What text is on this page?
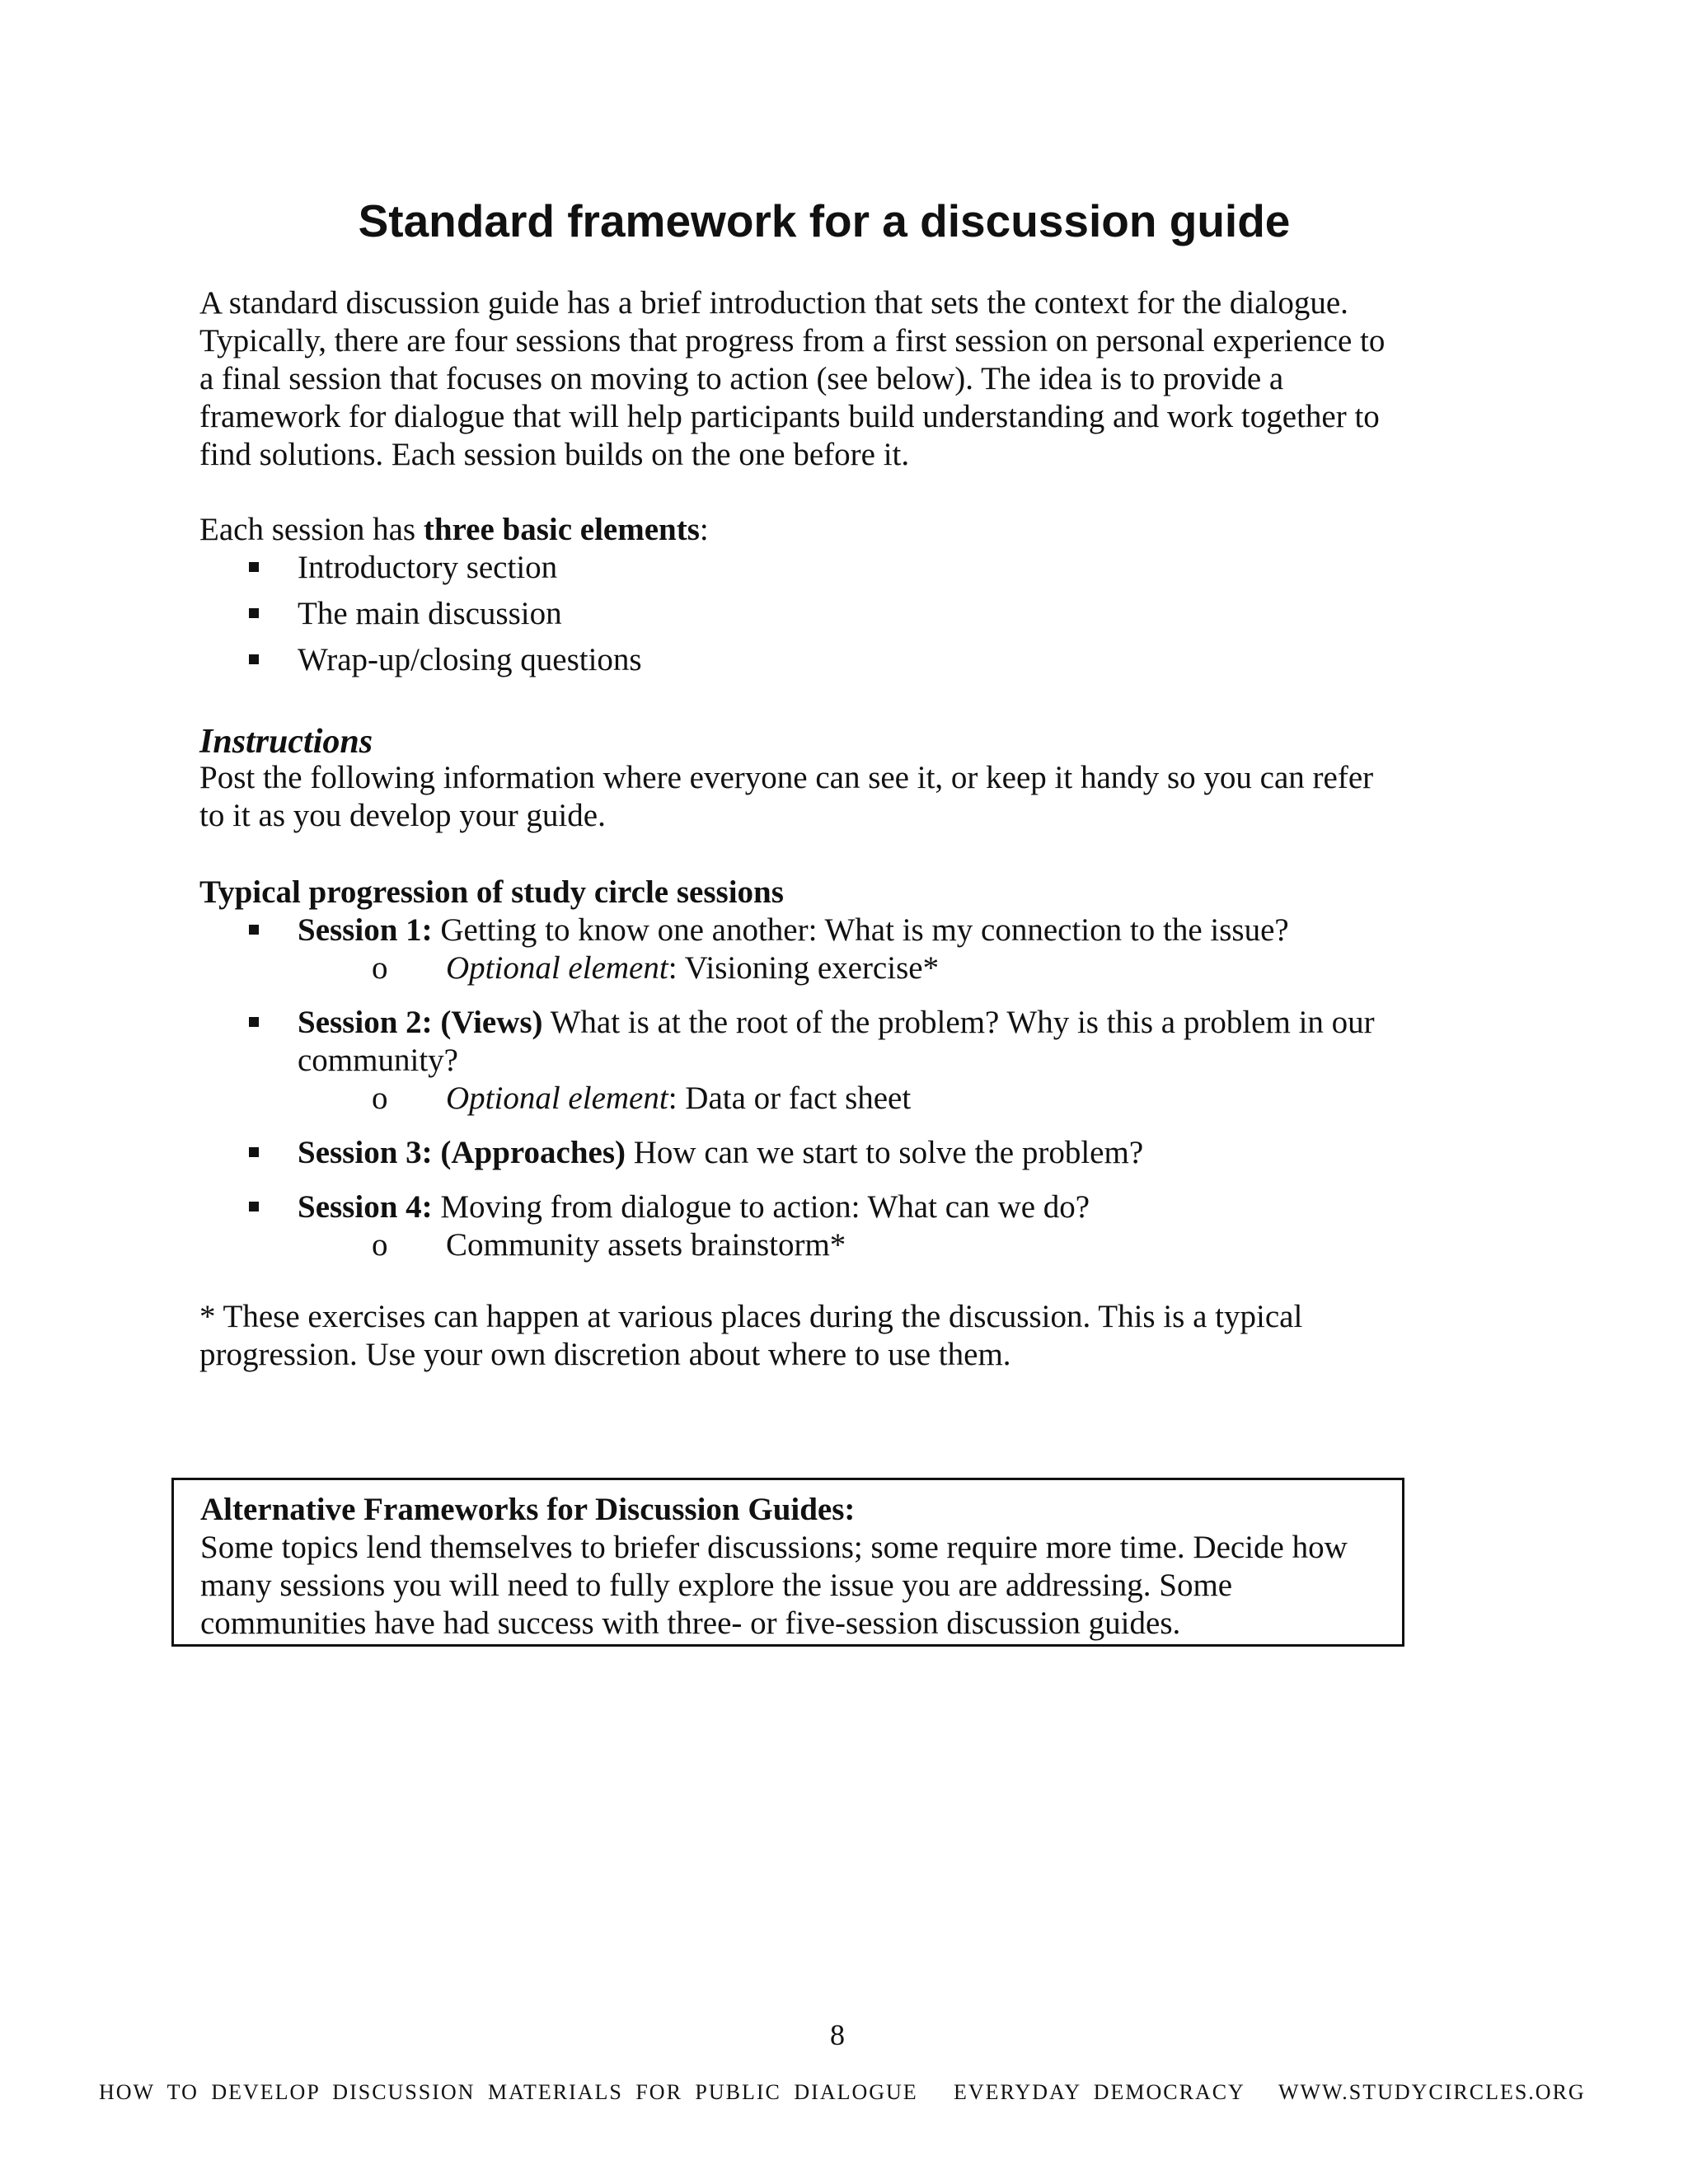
Standard framework for a discussion guide

A standard discussion guide has a brief introduction that sets the context for the dialogue.
Typically, there are four sessions that progress from a first session on personal experience to
a final session that focuses on moving to action (see below). The idea is to provide a
framework for dialogue that will help participants build understanding and work together to
find solutions. Each session builds on the one before it.

Each session has three basic elements:

Introductory section
The main discussion
Wrap-up/closing questions
Instructions

Post the following information where everyone can see it, or keep it handy so you can refer
to it as you develop your guide.

Typical progression of study circle sessions
Session 1: Getting to know one another: What is my connection to the issue?
o Optional element: Visioning exercise*
Session 2: (Views) What is at the root of the problem? Why is this a problem in our
community?
o Optional element: Data or fact sheet
Session 3: (Approaches) How can we start to solve the problem?
Session 4: Moving from dialogue to action: What can we do?
o Community assets brainstorm*

* These exercises can happen at various places during the discussion. This is a typical
progression. Use your own discretion about where to use them.

Alternative Frameworks for Discussion Guides:

Some topics lend themselves to briefer discussions; some require more time. Decide how
many sessions you will need to fully explore the issue you are addressing. Some
communities have had success with three- or five-session discussion guides.

8

HOW TO DEVELOP DISCUSSION MATERIALS FOR PUBLIC DIALOGUE EVERYDAY DEMOCRACY WWW.STUDYCIRCLES.ORG
